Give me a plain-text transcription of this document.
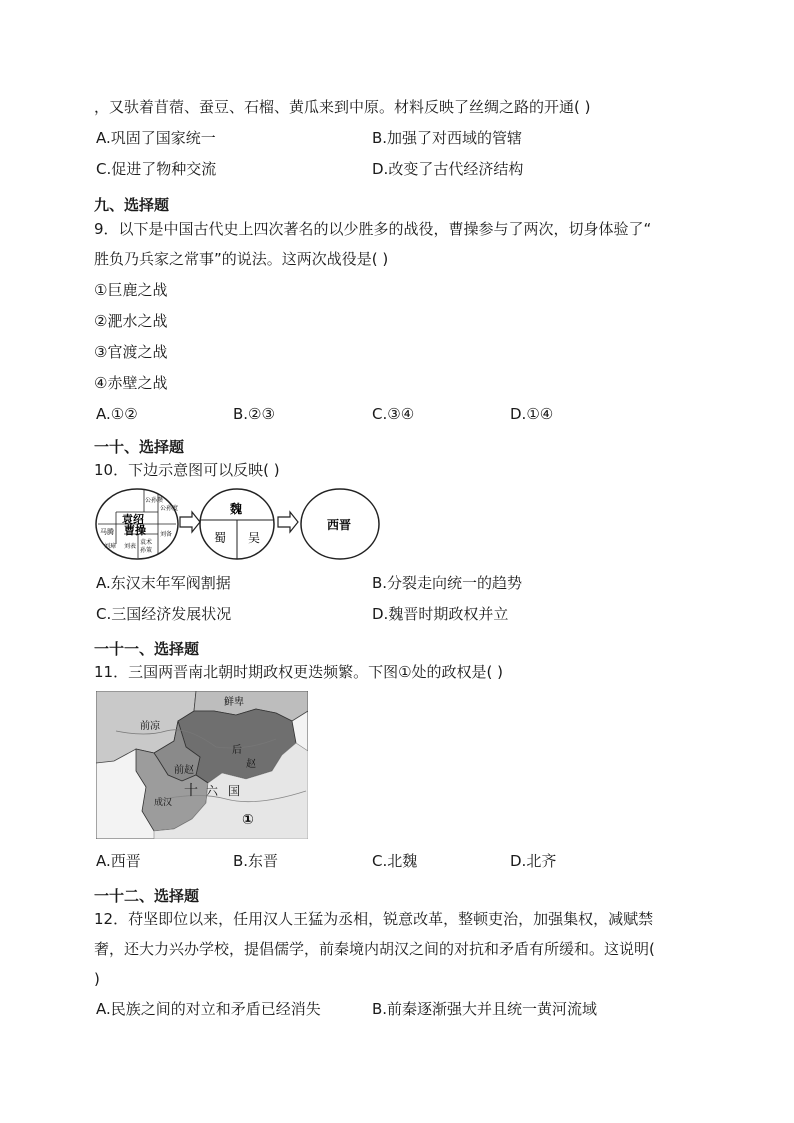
，又驮着苜蓿、蚕豆、石榴、黄瓜来到中原。材料反映了丝绸之路的开通( )
A.巩固了国家统一	B.加强了对西域的管辖
C.促进了物种交流	D.改变了古代经济结构
九、选择题
9．以下是中国古代史上四次著名的以少胜多的战役，曹操参与了两次，切身体验了“
胜负乃兵家之常事”的说法。这两次战役是( )
①巨鹿之战
②淝水之战
③官渡之战
④赤壁之战
A.①②	B.②③	C.③④	D.①④
一十、选择题
10．下边示意图可以反映( )
袁绍
曹操
公孙瓒
公孙度
马腾	刘备
刘璋 刘表
袁术
孙策
魏
蜀 吴
西晋
A.东汉末年军阀割据	B.分裂走向统一的趋势
C.三国经济发展状况	D.魏晋时期政权并立
一十一、选择题
11．三国两晋南北朝时期政权更迭频繁。下图①处的政权是( )
鲜卑
前凉
前赵
后
赵
十 六 国
成汉
①
A.西晋	B.东晋	C.北魏	D.北齐
一十二、选择题
12．苻坚即位以来，任用汉人王猛为丞相，锐意改革，整顿吏治，加强集权，减赋禁
奢，还大力兴办学校，提倡儒学，前秦境内胡汉之间的对抗和矛盾有所缓和。这说明(
)
A.民族之间的对立和矛盾已经消失	B.前秦逐渐强大并且统一黄河流域
